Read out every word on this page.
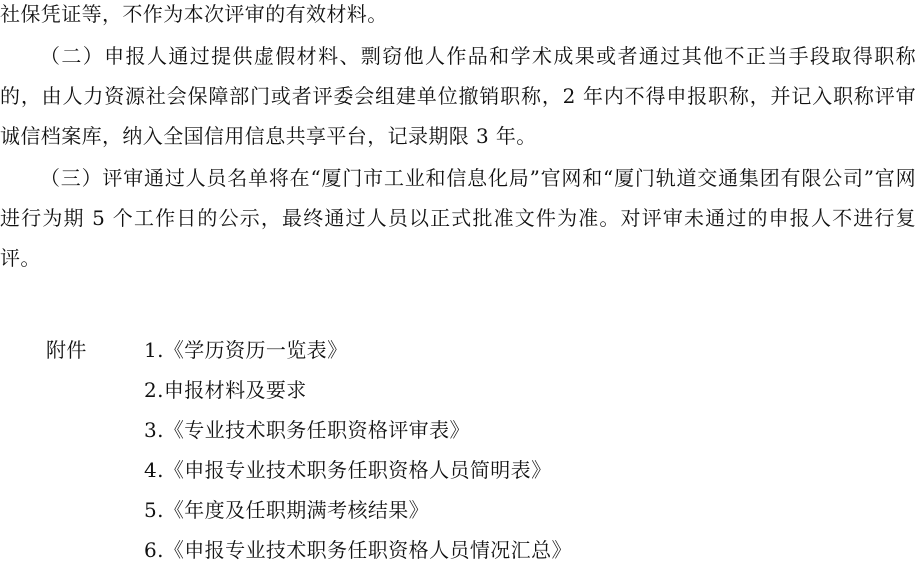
社保凭证等，不作为本次评审的有效材料。

（二）申报人通过提供虚假材料、剽窃他人作品和学术成果或者通过其他不正当手段取得职称的，由人力资源社会保障部门或者评委会组建单位撤销职称，2 年内不得申报职称，并记入职称评审诚信档案库，纳入全国信用信息共享平台，记录期限 3 年。

（三）评审通过人员名单将在“厦门市工业和信息化局”官网和“厦门轨道交通集团有限公司”官网进行为期 5 个工作日的公示，最终通过人员以正式批准文件为准。对评审未通过的申报人不进行复评。

附件	1.《学历资历一览表》
2.申报材料及要求
3.《专业技术职务任职资格评审表》
4.《申报专业技术职务任职资格人员简明表》
5.《年度及任职期满考核结果》
6.《申报专业技术职务任职资格人员情况汇总》
